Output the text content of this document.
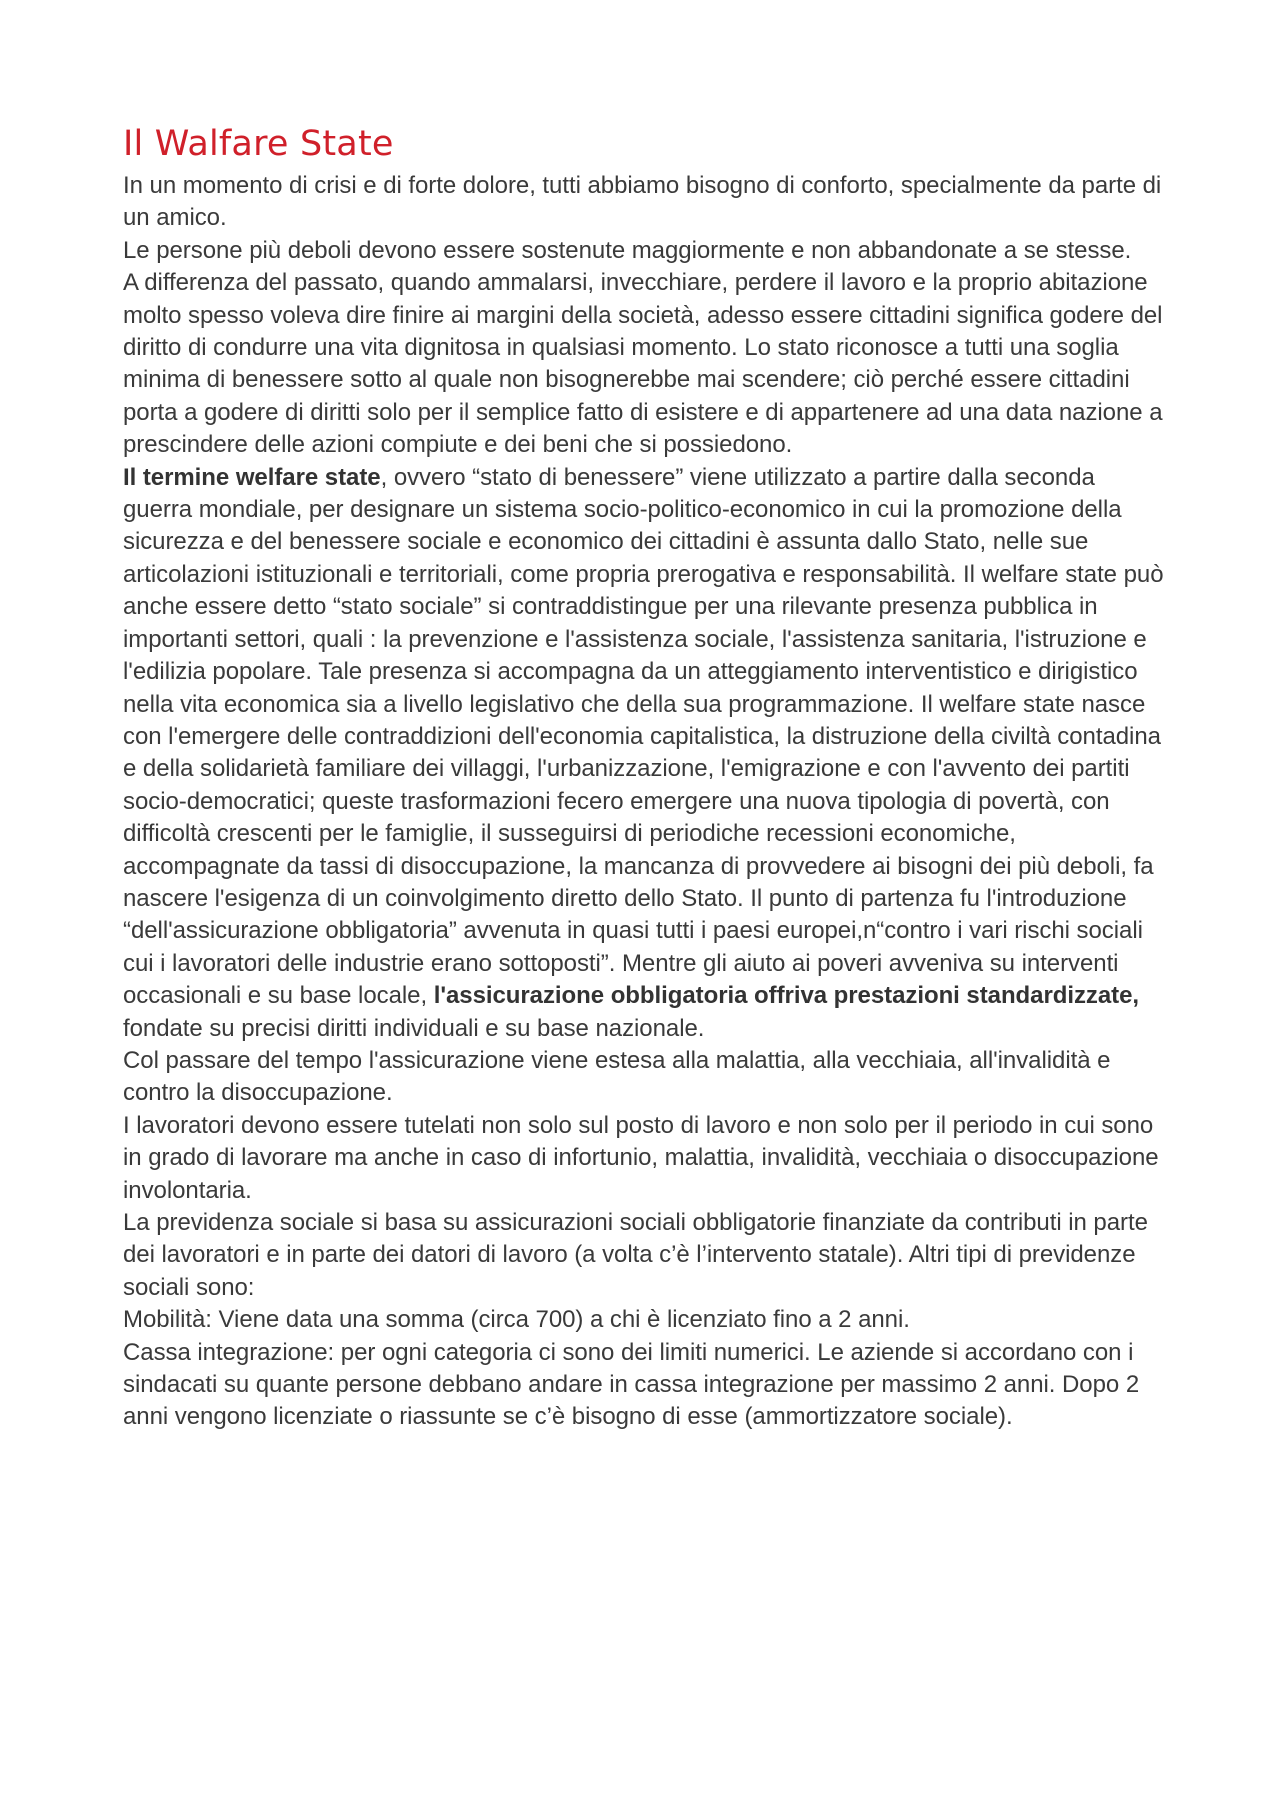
Il Walfare State

In un momento di crisi e di forte dolore, tutti abbiamo bisogno di conforto, specialmente da parte di un amico.

Le persone più deboli devono essere sostenute maggiormente e non abbandonate a se stesse.

A differenza del passato, quando ammalarsi, invecchiare, perdere il lavoro e la proprio abitazione molto spesso voleva dire finire ai margini della società, adesso essere cittadini significa godere del diritto di condurre una vita dignitosa in qualsiasi momento. Lo stato riconosce a tutti una soglia minima di benessere sotto al quale non bisognerebbe mai scendere; ciò perché essere cittadini porta a godere di diritti solo per il semplice fatto di esistere e di appartenere ad una data nazione a prescindere delle azioni compiute e dei beni che si possiedono.

Il termine welfare state, ovvero “stato di benessere” viene utilizzato a partire dalla seconda guerra mondiale, per designare un sistema socio-politico-economico in cui la promozione della sicurezza e del benessere sociale e economico dei cittadini è assunta dallo Stato, nelle sue articolazioni istituzionali e territoriali, come propria prerogativa e responsabilità. Il welfare state può anche essere detto “stato sociale” si contraddistingue per una rilevante presenza pubblica in importanti settori, quali : la prevenzione e l'assistenza sociale, l'assistenza sanitaria, l'istruzione e l'edilizia popolare. Tale presenza si accompagna da un atteggiamento interventistico e dirigistico nella vita economica sia a livello legislativo che della sua programmazione. Il welfare state nasce con l'emergere delle contraddizioni dell'economia capitalistica, la distruzione della civiltà contadina e della solidarietà familiare dei villaggi, l'urbanizzazione, l'emigrazione e con l'avvento dei partiti socio-democratici; queste trasformazioni fecero emergere una nuova tipologia di povertà, con difficoltà crescenti per le famiglie, il susseguirsi di periodiche recessioni economiche, accompagnate da tassi di disoccupazione, la mancanza di provvedere ai bisogni dei più deboli, fa nascere l'esigenza di un coinvolgimento diretto dello Stato. Il punto di partenza fu l'introduzione “dell'assicurazione obbligatoria” avvenuta in quasi tutti i paesi europei,n“contro i vari rischi sociali cui i lavoratori delle industrie erano sottoposti”. Mentre gli aiuto ai poveri avveniva su interventi occasionali e su base locale, l'assicurazione obbligatoria offriva prestazioni standardizzate, fondate su precisi diritti individuali e su base nazionale.

Col passare del tempo l'assicurazione viene estesa alla malattia, alla vecchiaia, all'invalidità e contro la disoccupazione.

I lavoratori devono essere tutelati non solo sul posto di lavoro e non solo per il periodo in cui sono in grado di lavorare ma anche in caso di infortunio, malattia, invalidità, vecchiaia o disoccupazione involontaria.

La previdenza sociale si basa su assicurazioni sociali obbligatorie finanziate da contributi in parte dei lavoratori e in parte dei datori di lavoro (a volta c’è l’intervento statale). Altri tipi di previdenze sociali sono:

Mobilità: Viene data una somma (circa 700) a chi è licenziato fino a 2 anni.

Cassa integrazione: per ogni categoria ci sono dei limiti numerici. Le aziende si accordano con i sindacati su quante persone debbano andare in cassa integrazione per massimo 2 anni. Dopo 2 anni vengono licenziate o riassunte se c’è bisogno di esse (ammortizzatore sociale).
